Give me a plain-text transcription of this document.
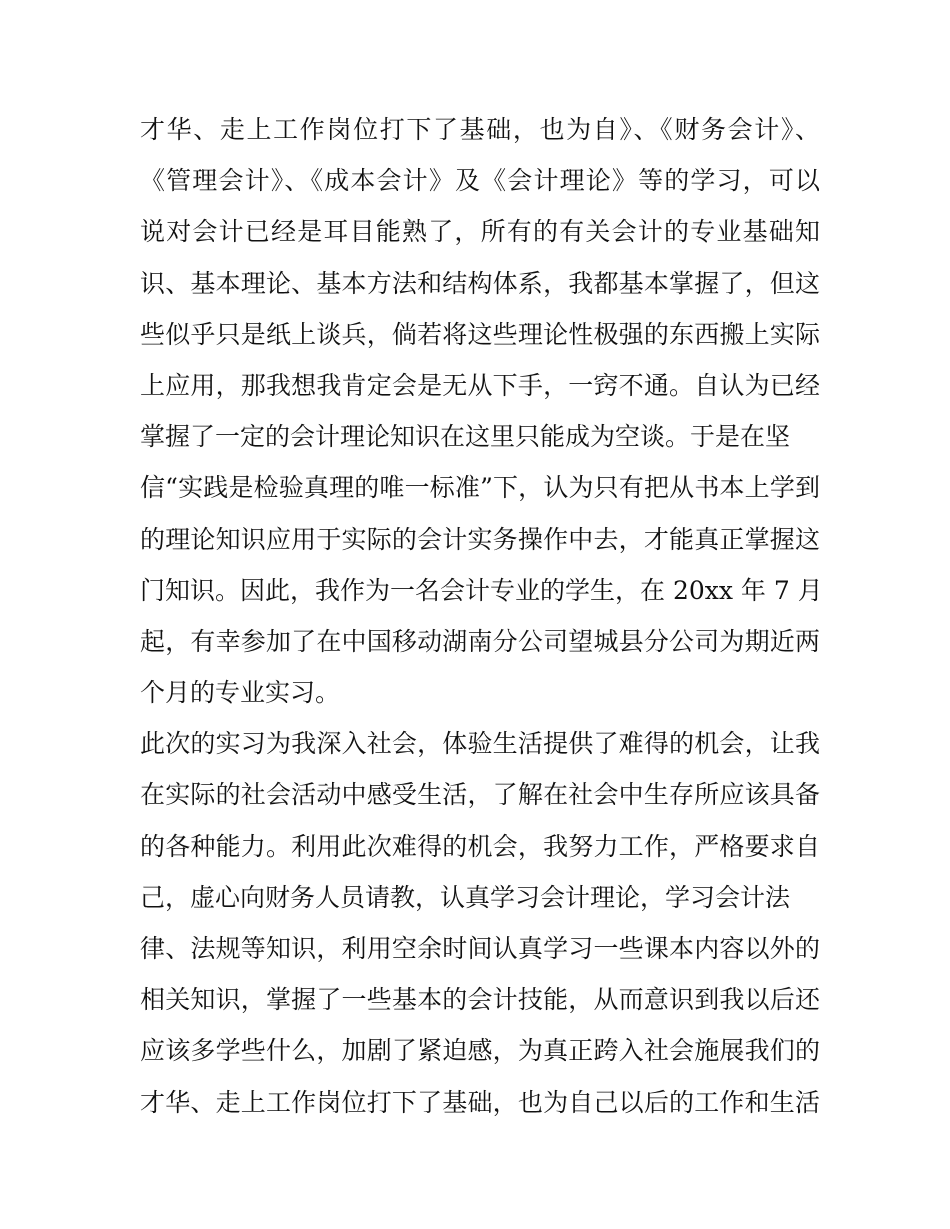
才华、走上工作岗位打下了基础，也为自》、《财务会计》、
《管理会计》、《成本会计》及《会计理论》等的学习，可以
说对会计已经是耳目能熟了，所有的有关会计的专业基础知
识、基本理论、基本方法和结构体系，我都基本掌握了，但这
些似乎只是纸上谈兵，倘若将这些理论性极强的东西搬上实际
上应用，那我想我肯定会是无从下手，一窍不通。自认为已经
掌握了一定的会计理论知识在这里只能成为空谈。于是在坚
信“实践是检验真理的唯一标准”下，认为只有把从书本上学到
的理论知识应用于实际的会计实务操作中去，才能真正掌握这
门知识。因此，我作为一名会计专业的学生，在 20xx 年 7 月
起，有幸参加了在中国移动湖南分公司望城县分公司为期近两
个月的专业实习。
此次的实习为我深入社会，体验生活提供了难得的机会，让我
在实际的社会活动中感受生活，了解在社会中生存所应该具备
的各种能力。利用此次难得的机会，我努力工作，严格要求自
己，虚心向财务人员请教，认真学习会计理论，学习会计法
律、法规等知识，利用空余时间认真学习一些课本内容以外的
相关知识，掌握了一些基本的会计技能，从而意识到我以后还
应该多学些什么，加剧了紧迫感，为真正跨入社会施展我们的
才华、走上工作岗位打下了基础，也为自己以后的工作和生活
